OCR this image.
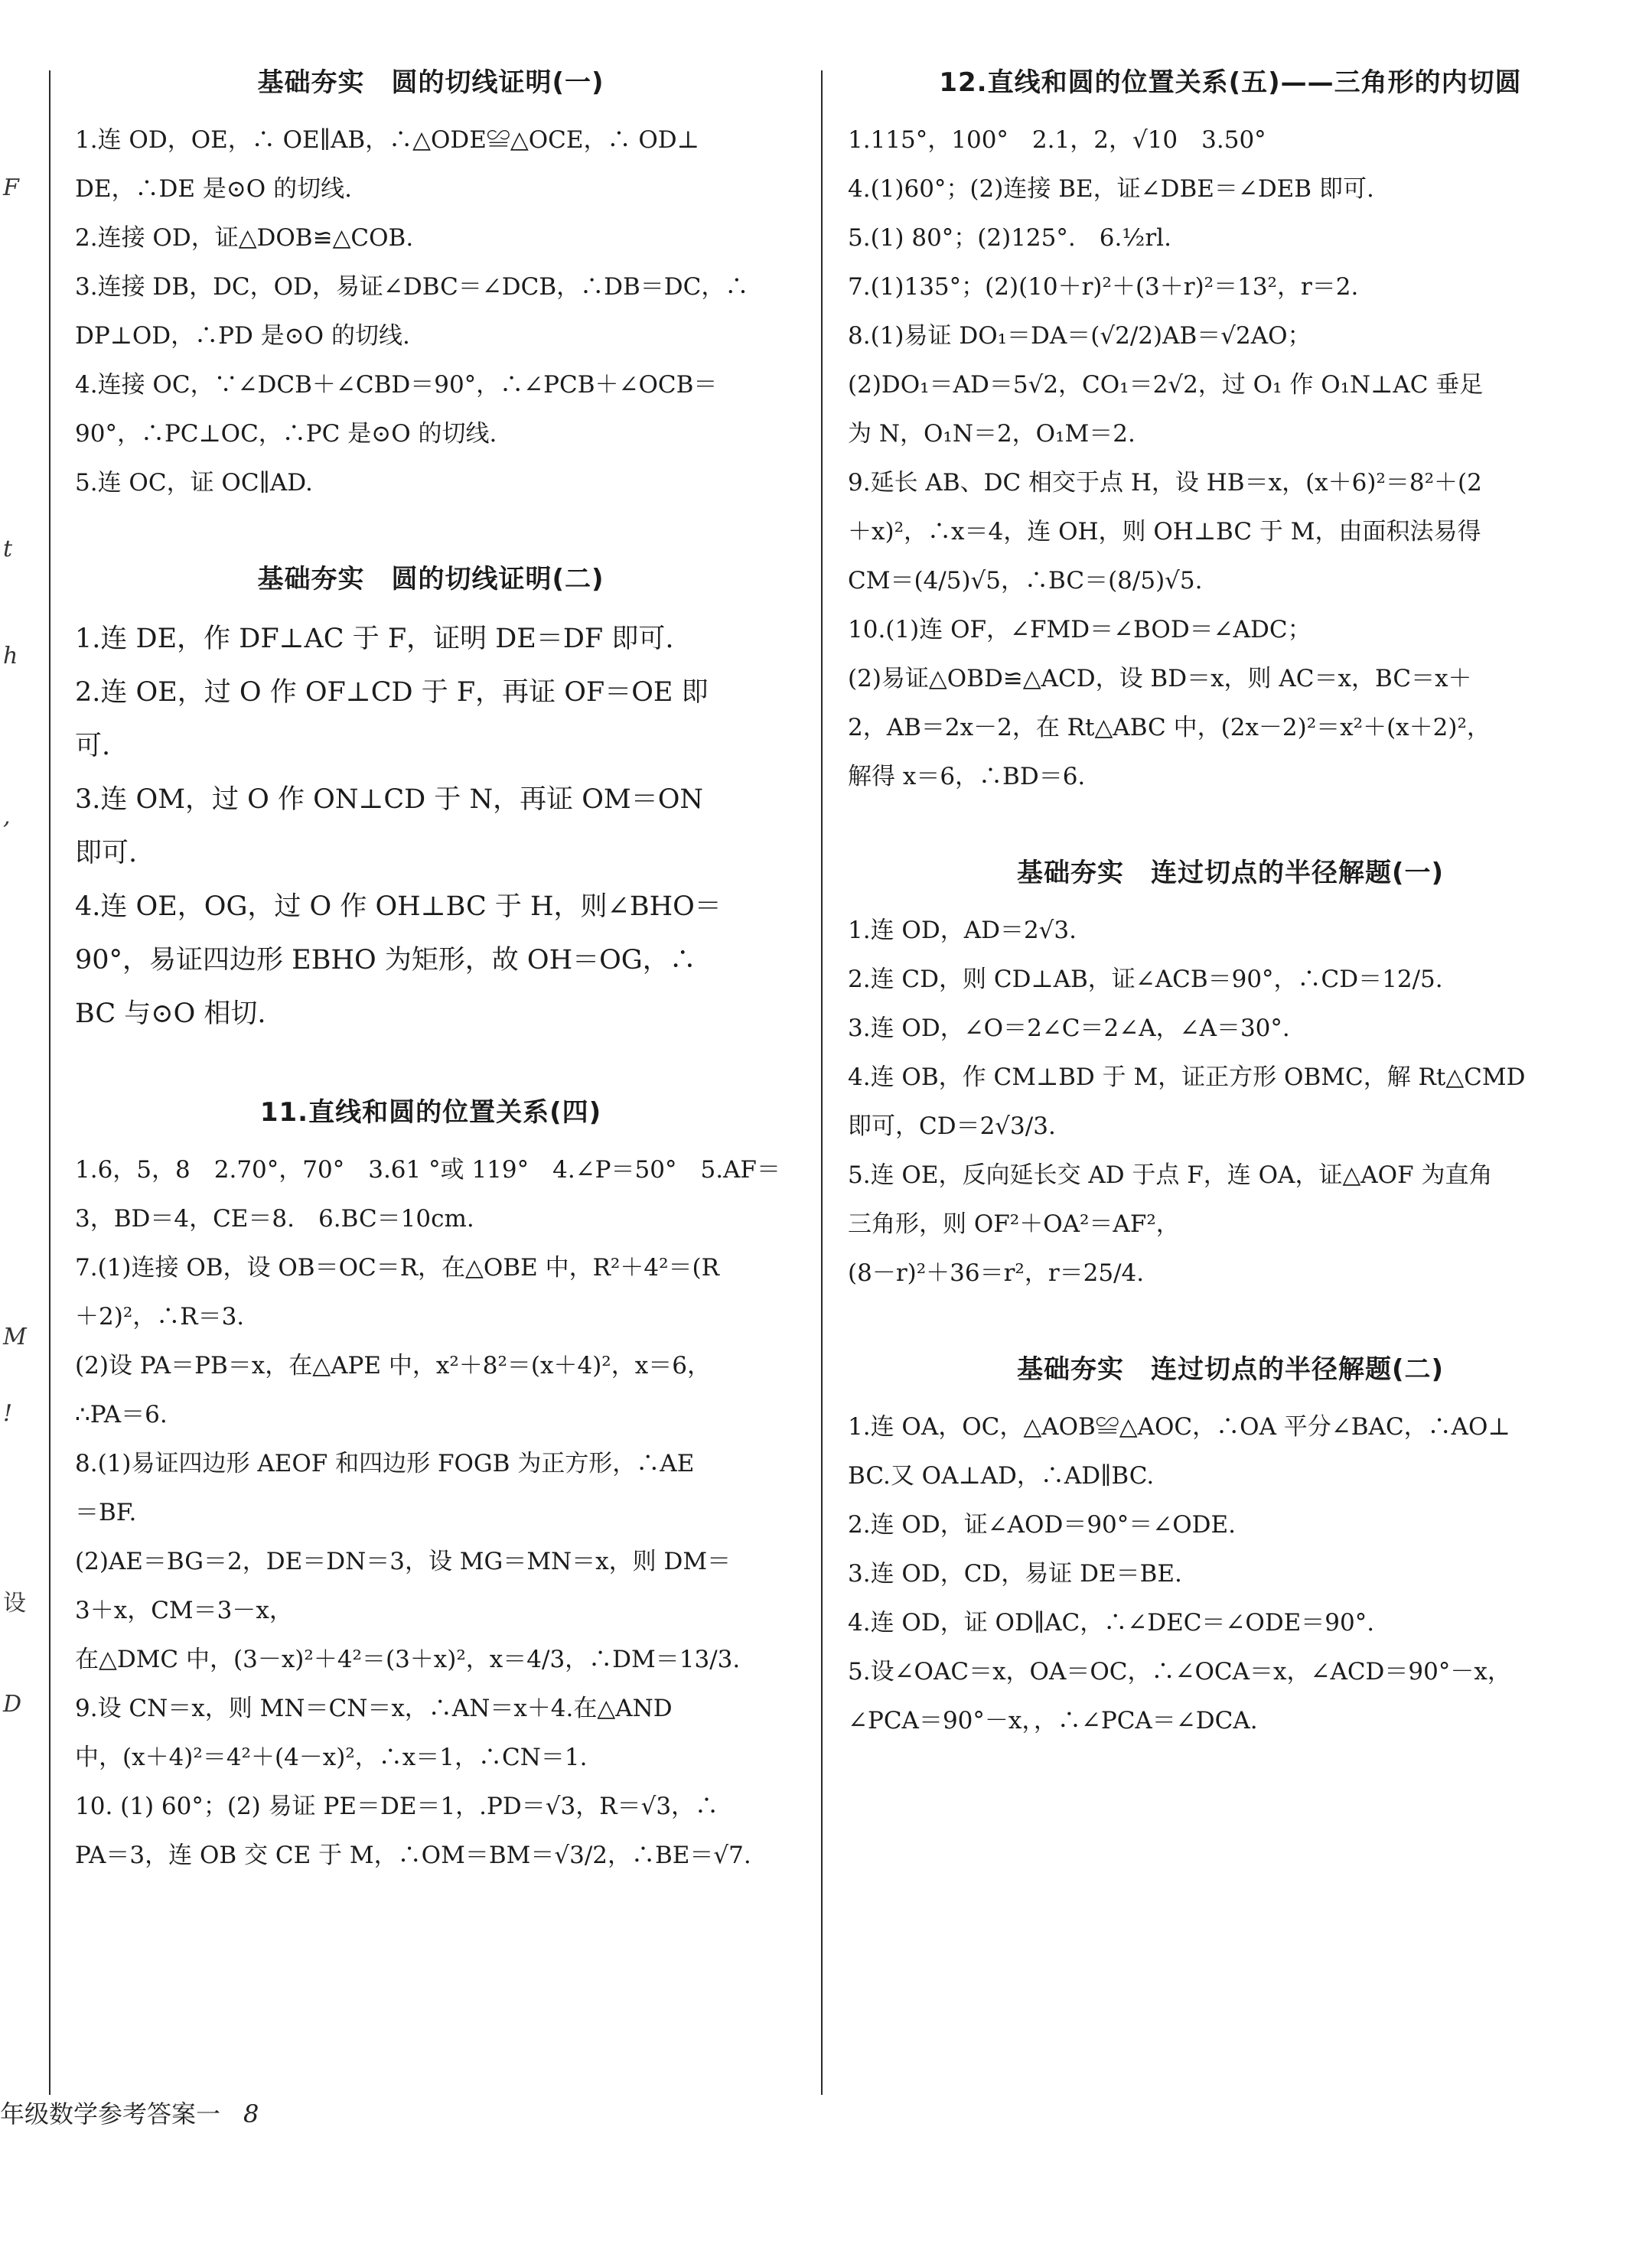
F
t
,
h
M
!
设
D
基础夯实　圆的切线证明(一)
1.连 OD，OE，∴ OE∥AB，∴△ODE≌△OCE，∴ OD⊥
DE，∴DE 是⊙O 的切线.
2.连接 OD，证△DOB≌△COB.
3.连接 DB，DC，OD，易证∠DBC＝∠DCB，∴DB＝DC，∴
DP⊥OD，∴PD 是⊙O 的切线.
4.连接 OC，∵∠DCB＋∠CBD＝90°，∴∠PCB＋∠OCB＝
90°，∴PC⊥OC，∴PC 是⊙O 的切线.
5.连 OC，证 OC∥AD.
基础夯实　圆的切线证明(二)
1.连 DE，作 DF⊥AC 于 F，证明 DE＝DF 即可.
2.连 OE，过 O 作 OF⊥CD 于 F，再证 OF＝OE 即
可.
3.连 OM，过 O 作 ON⊥CD 于 N，再证 OM＝ON
即可.
4.连 OE，OG，过 O 作 OH⊥BC 于 H，则∠BHO＝
90°，易证四边形 EBHO 为矩形，故 OH＝OG，∴
BC 与⊙O 相切.
11.直线和圆的位置关系(四)
1.6，5，8　2.70°，70°　3.61 °或 119°　4.∠P＝50°　5.AF＝
3，BD＝4，CE＝8.　6.BC＝10cm.
7.(1)连接 OB，设 OB＝OC＝R，在△OBE 中，R²＋4²＝(R
＋2)²，∴R＝3.
(2)设 PA＝PB＝x，在△APE 中，x²＋8²＝(x＋4)²，x＝6，
∴PA＝6.
8.(1)易证四边形 AEOF 和四边形 FOGB 为正方形，∴AE
＝BF.
(2)AE＝BG＝2，DE＝DN＝3，设 MG＝MN＝x，则 DM＝
3＋x，CM＝3－x，
在△DMC 中，(3－x)²＋4²＝(3＋x)²，x＝4/3，∴DM＝13/3.
9.设 CN＝x，则 MN＝CN＝x，∴AN＝x＋4.在△AND
中，(x＋4)²＝4²＋(4－x)²，∴x＝1，∴CN＝1.
10. (1) 60°；(2) 易证 PE＝DE＝1，.PD＝√3，R＝√3，∴
PA＝3，连 OB 交 CE 于 M，∴OM＝BM＝√3/2，∴BE＝√7.
12.直线和圆的位置关系(五)——三角形的内切圆
1.115°，100°　2.1，2，√10　3.50°
4.(1)60°；(2)连接 BE，证∠DBE＝∠DEB 即可.
5.(1) 80°；(2)125°.　6.½rl.
7.(1)135°；(2)(10＋r)²＋(3＋r)²＝13²，r＝2.
8.(1)易证 DO₁＝DA＝(√2/2)AB＝√2AO；
(2)DO₁＝AD＝5√2，CO₁＝2√2，过 O₁ 作 O₁N⊥AC 垂足
为 N，O₁N＝2，O₁M＝2.
9.延长 AB、DC 相交于点 H，设 HB＝x，(x＋6)²＝8²＋(2
＋x)²，∴x＝4，连 OH，则 OH⊥BC 于 M，由面积法易得
CM＝(4/5)√5，∴BC＝(8/5)√5.
10.(1)连 OF，∠FMD＝∠BOD＝∠ADC；
(2)易证△OBD≌△ACD，设 BD＝x，则 AC＝x，BC＝x＋
2，AB＝2x－2，在 Rt△ABC 中，(2x－2)²＝x²＋(x＋2)²，
解得 x＝6，∴BD＝6.
基础夯实　连过切点的半径解题(一)
1.连 OD，AD＝2√3.
2.连 CD，则 CD⊥AB，证∠ACB＝90°，∴CD＝12/5.
3.连 OD，∠O＝2∠C＝2∠A，∠A＝30°.
4.连 OB，作 CM⊥BD 于 M，证正方形 OBMC，解 Rt△CMD
即可，CD＝2√3/3.
5.连 OE，反向延长交 AD 于点 F，连 OA，证△AOF 为直角
三角形，则 OF²＋OA²＝AF²，
(8－r)²＋36＝r²，r＝25/4.
基础夯实　连过切点的半径解题(二)
1.连 OA，OC，△AOB≌△AOC，∴OA 平分∠BAC，∴AO⊥
BC.又 OA⊥AD，∴AD∥BC.
2.连 OD，证∠AOD＝90°＝∠ODE.
3.连 OD，CD，易证 DE＝BE.
4.连 OD，证 OD∥AC，∴∠DEC＝∠ODE＝90°.
5.设∠OAC＝x，OA＝OC，∴∠OCA＝x，∠ACD＝90°－x，
∠PCA＝90°－x，，∴∠PCA＝∠DCA.
年级数学参考答案一 8
